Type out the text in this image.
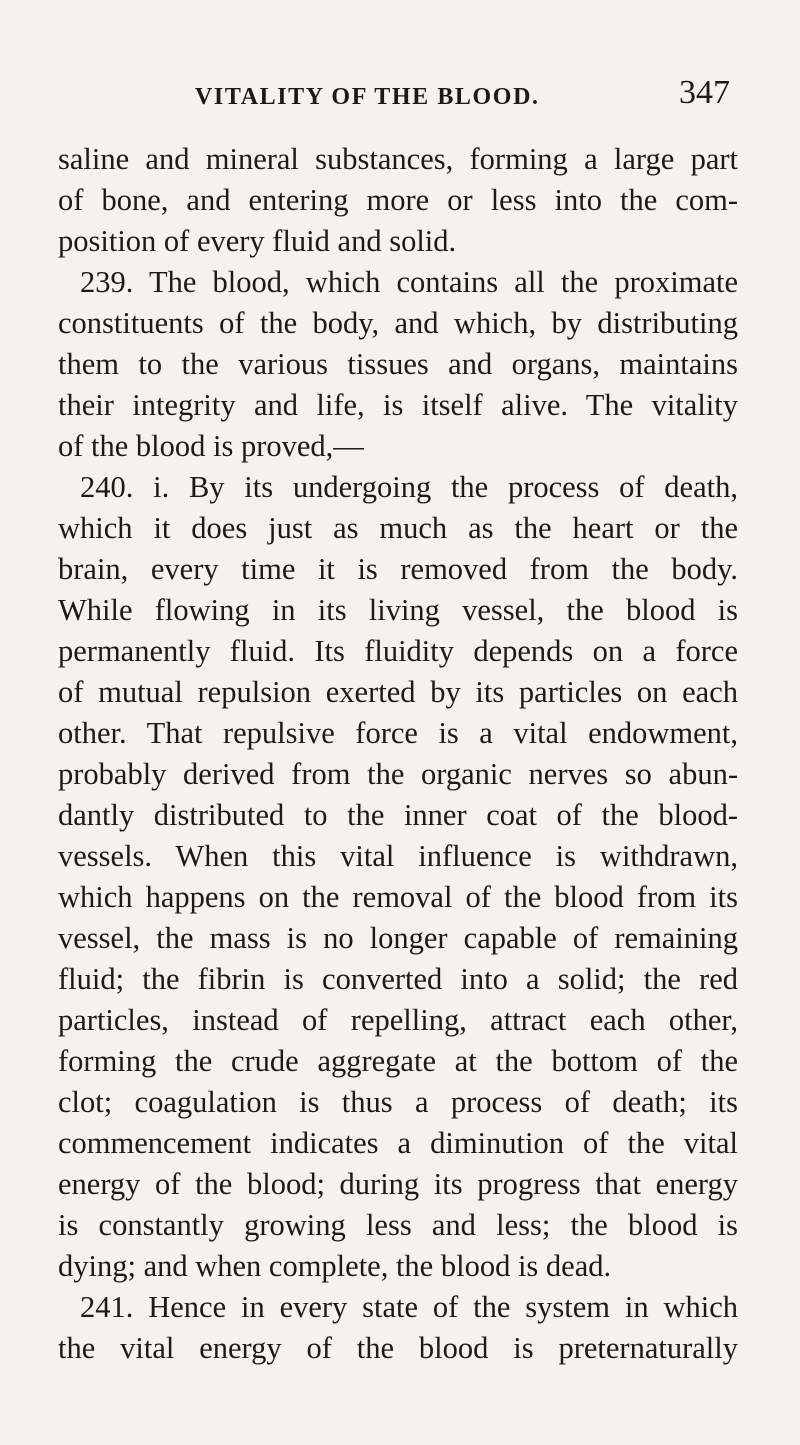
VITALITY OF THE BLOOD.	347
saline and mineral substances, forming a large part
of bone, and entering more or less into the com-
position of every fluid and solid.
239. The blood, which contains all the proximate
constituents of the body, and which, by distributing
them to the various tissues and organs, maintains
their integrity and life, is itself alive. The vitality
of the blood is proved,—
240. i. By its undergoing the process of death,
which it does just as much as the heart or the
brain, every time it is removed from the body.
While flowing in its living vessel, the blood is
permanently fluid. Its fluidity depends on a force
of mutual repulsion exerted by its particles on each
other. That repulsive force is a vital endowment,
probably derived from the organic nerves so abun-
dantly distributed to the inner coat of the blood-
vessels. When this vital influence is withdrawn,
which happens on the removal of the blood from its
vessel, the mass is no longer capable of remaining
fluid; the fibrin is converted into a solid; the red
particles, instead of repelling, attract each other,
forming the crude aggregate at the bottom of the
clot; coagulation is thus a process of death; its
commencement indicates a diminution of the vital
energy of the blood; during its progress that energy
is constantly growing less and less; the blood is
dying; and when complete, the blood is dead.
241. Hence in every state of the system in which
the vital energy of the blood is preternaturally
